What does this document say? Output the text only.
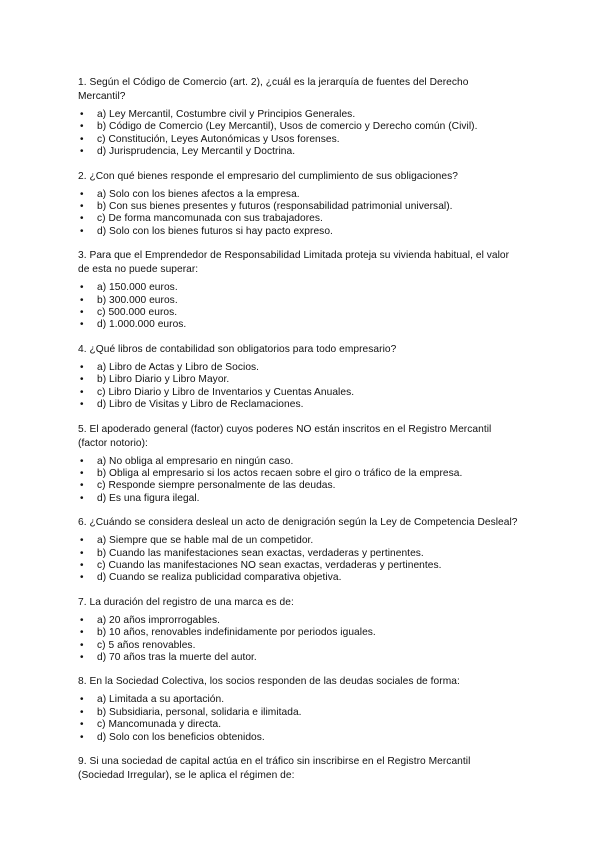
1. Según el Código de Comercio (art. 2), ¿cuál es la jerarquía de fuentes del Derecho Mercantil?

• a) Ley Mercantil, Costumbre civil y Principios Generales.
• b) Código de Comercio (Ley Mercantil), Usos de comercio y Derecho común (Civil).
• c) Constitución, Leyes Autonómicas y Usos forenses.
• d) Jurisprudencia, Ley Mercantil y Doctrina.

2. ¿Con qué bienes responde el empresario del cumplimiento de sus obligaciones?

• a) Solo con los bienes afectos a la empresa.
• b) Con sus bienes presentes y futuros (responsabilidad patrimonial universal).
• c) De forma mancomunada con sus trabajadores.
• d) Solo con los bienes futuros si hay pacto expreso.

3. Para que el Emprendedor de Responsabilidad Limitada proteja su vivienda habitual, el valor de esta no puede superar:

• a) 150.000 euros.
• b) 300.000 euros.
• c) 500.000 euros.
• d) 1.000.000 euros.

4. ¿Qué libros de contabilidad son obligatorios para todo empresario?

• a) Libro de Actas y Libro de Socios.
• b) Libro Diario y Libro Mayor.
• c) Libro Diario y Libro de Inventarios y Cuentas Anuales.
• d) Libro de Visitas y Libro de Reclamaciones.

5. El apoderado general (factor) cuyos poderes NO están inscritos en el Registro Mercantil (factor notorio):

• a) No obliga al empresario en ningún caso.
• b) Obliga al empresario si los actos recaen sobre el giro o tráfico de la empresa.
• c) Responde siempre personalmente de las deudas.
• d) Es una figura ilegal.

6. ¿Cuándo se considera desleal un acto de denigración según la Ley de Competencia Desleal?

• a) Siempre que se hable mal de un competidor.
• b) Cuando las manifestaciones sean exactas, verdaderas y pertinentes.
• c) Cuando las manifestaciones NO sean exactas, verdaderas y pertinentes.
• d) Cuando se realiza publicidad comparativa objetiva.

7. La duración del registro de una marca es de:

• a) 20 años improrrogables.
• b) 10 años, renovables indefinidamente por periodos iguales.
• c) 5 años renovables.
• d) 70 años tras la muerte del autor.

8. En la Sociedad Colectiva, los socios responden de las deudas sociales de forma:

• a) Limitada a su aportación.
• b) Subsidiaria, personal, solidaria e ilimitada.
• c) Mancomunada y directa.
• d) Solo con los beneficios obtenidos.

9. Si una sociedad de capital actúa en el tráfico sin inscribirse en el Registro Mercantil (Sociedad Irregular), se le aplica el régimen de:
